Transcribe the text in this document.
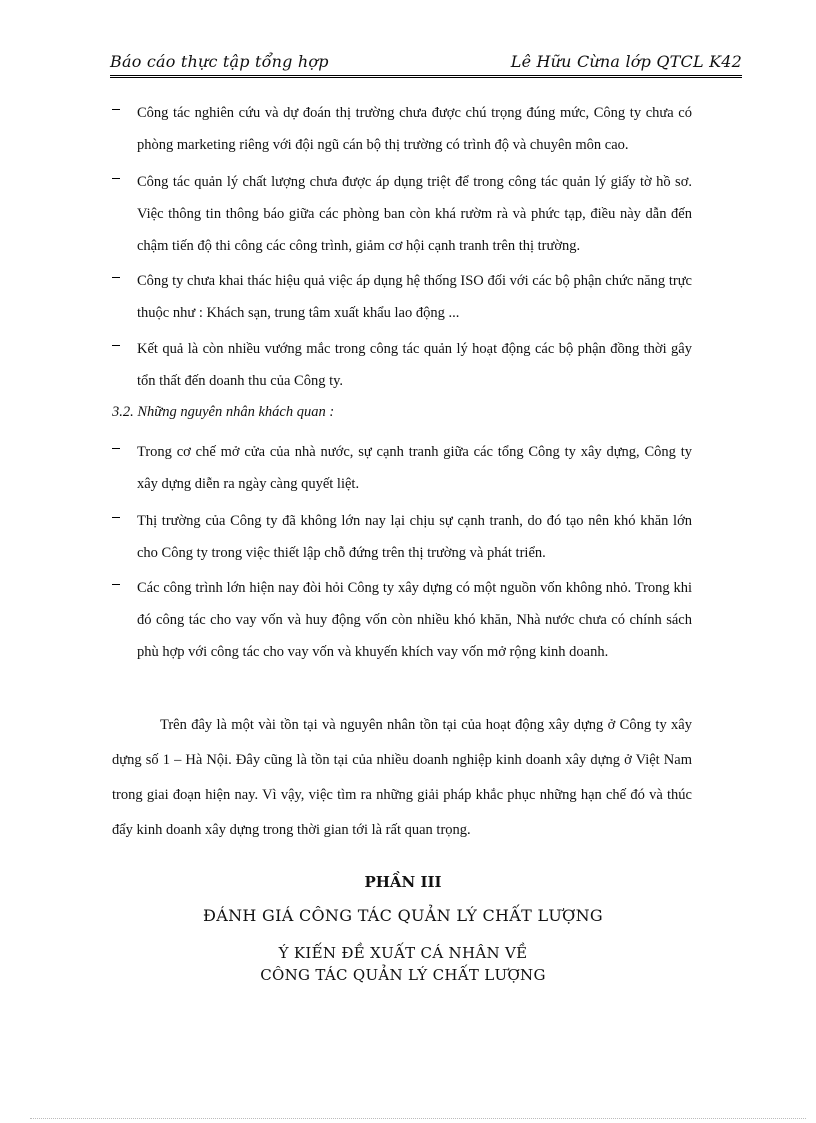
Báo cáo thực tập tổng hợp	Lê Hữu Cừna lớp QTCL K42
Công tác nghiên cứu và dự đoán thị trường chưa được chú trọng đúng mức, Công ty chưa có phòng marketing riêng với đội ngũ cán bộ thị trường có trình độ và chuyên môn cao.
Công tác quản lý chất lượng chưa được áp dụng triệt để trong công tác quản lý giấy tờ hồ sơ. Việc thông tin thông báo giữa các phòng ban còn khá rườm rà và phức tạp, điều này dẫn đến chậm tiến độ thi công các công trình, giảm cơ hội cạnh tranh trên thị trường.
Công ty chưa khai thác hiệu quả việc áp dụng hệ thống ISO đối với các bộ phận chức năng trực thuộc như : Khách sạn, trung tâm xuất khẩu lao động ...
Kết quả là còn nhiều vướng mắc trong công tác quản lý hoạt động các bộ phận đồng thời gây tổn thất đến doanh thu của Công ty.
3.2. Những nguyên nhân khách quan :
Trong cơ chế mở cửa của nhà nước, sự cạnh tranh giữa các tổng Công ty xây dựng, Công ty xây dựng diễn ra ngày càng quyết liệt.
Thị trường của Công ty đã không lớn nay lại chịu sự cạnh tranh, do đó tạo nên khó khăn lớn cho Công ty trong việc thiết lập chỗ đứng trên thị trường và phát triển.
Các công trình lớn hiện nay đòi hỏi Công ty xây dựng có một nguồn vốn không nhỏ. Trong khi đó công tác cho vay vốn và huy động vốn còn nhiều khó khăn, Nhà nước chưa có chính sách phù hợp với công tác cho vay vốn và khuyến khích vay vốn mở rộng kinh doanh.
Trên đây là một vài tồn tại và nguyên nhân tồn tại của hoạt động xây dựng ở Công ty xây dựng số 1 – Hà Nội. Đây cũng là tồn tại của nhiều doanh nghiệp kinh doanh xây dựng ở Việt Nam trong giai đoạn hiện nay. Vì vậy, việc tìm ra những giải pháp khắc phục những hạn chế đó và thúc đẩy kinh doanh xây dựng trong thời gian tới là rất quan trọng.
PHẦN III
ĐÁNH GIÁ CÔNG TÁC QUẢN LÝ CHẤT LƯỢNG
Ý KIẾN ĐỀ XUẤT CÁ NHÂN VỀ
CÔNG TÁC QUẢN LÝ CHẤT LƯỢNG
